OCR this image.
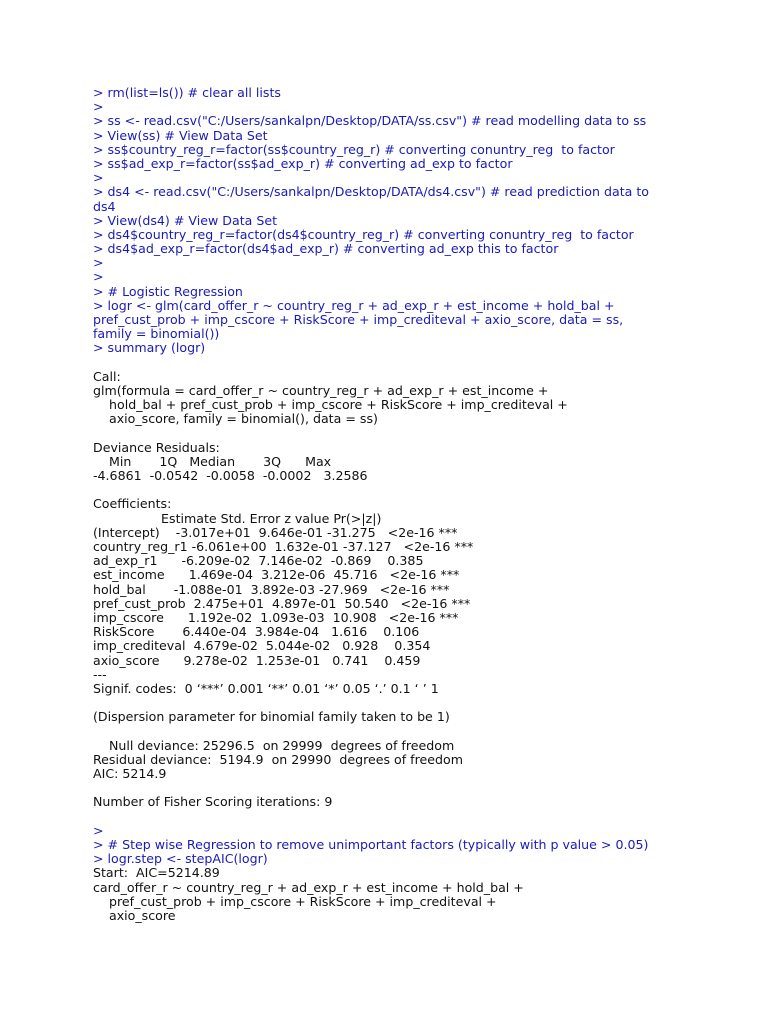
> rm(list=ls()) # clear all lists
>
> ss <- read.csv("C:/Users/sankalpn/Desktop/DATA/ss.csv") # read modelling data to ss
> View(ss) # View Data Set
> ss$country_reg_r=factor(ss$country_reg_r) # converting conuntry_reg  to factor
> ss$ad_exp_r=factor(ss$ad_exp_r) # converting ad_exp to factor
>
> ds4 <- read.csv("C:/Users/sankalpn/Desktop/DATA/ds4.csv") # read prediction data to
ds4
> View(ds4) # View Data Set
> ds4$country_reg_r=factor(ds4$country_reg_r) # converting conuntry_reg  to factor
> ds4$ad_exp_r=factor(ds4$ad_exp_r) # converting ad_exp this to factor
>
>
> # Logistic Regression
> logr <- glm(card_offer_r ~ country_reg_r + ad_exp_r + est_income + hold_bal +
pref_cust_prob + imp_cscore + RiskScore + imp_crediteval + axio_score, data = ss,
family = binomial())
> summary (logr)
Call:
glm(formula = card_offer_r ~ country_reg_r + ad_exp_r + est_income +
hold_bal + pref_cust_prob + imp_cscore + RiskScore + imp_crediteval +
axio_score, family = binomial(), data = ss)
Deviance Residuals:
Min       1Q   Median       3Q      Max
-4.6861  -0.0542  -0.0058  -0.0002   3.2586
Coefficients:
Estimate Std. Error z value Pr(>|z|)
(Intercept)    -3.017e+01  9.646e-01 -31.275   <2e-16 ***
country_reg_r1 -6.061e+00  1.632e-01 -37.127   <2e-16 ***
ad_exp_r1      -6.209e-02  7.146e-02  -0.869    0.385
est_income      1.469e-04  3.212e-06  45.716   <2e-16 ***
hold_bal       -1.088e-01  3.892e-03 -27.969   <2e-16 ***
pref_cust_prob  2.475e+01  4.897e-01  50.540   <2e-16 ***
imp_cscore      1.192e-02  1.093e-03  10.908   <2e-16 ***
RiskScore       6.440e-04  3.984e-04   1.616    0.106
imp_crediteval  4.679e-02  5.044e-02   0.928    0.354
axio_score      9.278e-02  1.253e-01   0.741    0.459
---
Signif. codes:  0 ‘***’ 0.001 ‘**’ 0.01 ‘*’ 0.05 ‘.’ 0.1 ‘ ’ 1
(Dispersion parameter for binomial family taken to be 1)
Null deviance: 25296.5  on 29999  degrees of freedom
Residual deviance:  5194.9  on 29990  degrees of freedom
AIC: 5214.9
Number of Fisher Scoring iterations: 9
>
> # Step wise Regression to remove unimportant factors (typically with p value > 0.05)
> logr.step <- stepAIC(logr)
Start:  AIC=5214.89
card_offer_r ~ country_reg_r + ad_exp_r + est_income + hold_bal +
pref_cust_prob + imp_cscore + RiskScore + imp_crediteval +
axio_score
